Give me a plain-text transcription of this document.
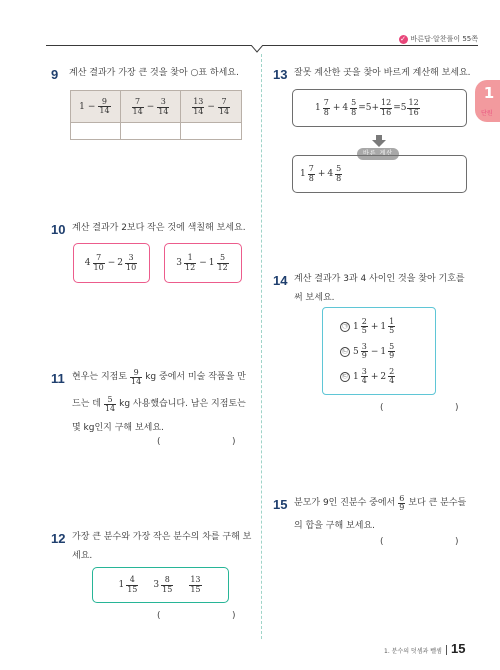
✓ 바른답·알찬풀이 55쪽
1
단원
9 계산 결과가 가장 큰 것을 찾아 ○표 하세요.
$1 - \frac{9}{14}$	$\frac{7}{14} - \frac{3}{14}$	$\frac{13}{14} - \frac{7}{14}$

10 계산 결과가 2보다 작은 것에 색칠해 보세요.
$4 \frac{7}{10} - 2 \frac{3}{10}$	$3 \frac{1}{12} - 1 \frac{5}{12}$
11 현우는 지점토 $\frac{9}{14}$ kg 중에서 미술 작품을 만
드는 데 $\frac{5}{14}$ kg 사용했습니다. 남은 지점토는
몇 kg인지 구해 보세요.
(                         )
12 가장 큰 분수와 가장 작은 분수의 차를 구해 보
세요.
$1 \frac{4}{15} 3 \frac{8}{15} \frac{13}{15}$
(                         )
13 잘못 계산한 곳을 찾아 바르게 계산해 보세요.
$1 \frac{7}{8} + 4 \frac{5}{8} =5+ \frac{12}{16} =5 \frac{12}{16}$
바른 계산
$1 \frac{7}{8} + 4 \frac{5}{8}$
14 계산 결과가 3과 4 사이인 것을 찾아 기호를
써 보세요.
㉠ $1 \frac{2}{5} + 1 \frac{1}{5}$
㉡ $5 \frac{3}{9} - 1 \frac{5}{9}$
㉢ $1 \frac{3}{4} + 2 \frac{2}{4}$
(                         )
15 분모가 9인 진분수 중에서 $\frac{6}{9}$ 보다 큰 분수들
의 합을 구해 보세요.
(                         )
1. 분수의 덧셈과 뺄셈 15
